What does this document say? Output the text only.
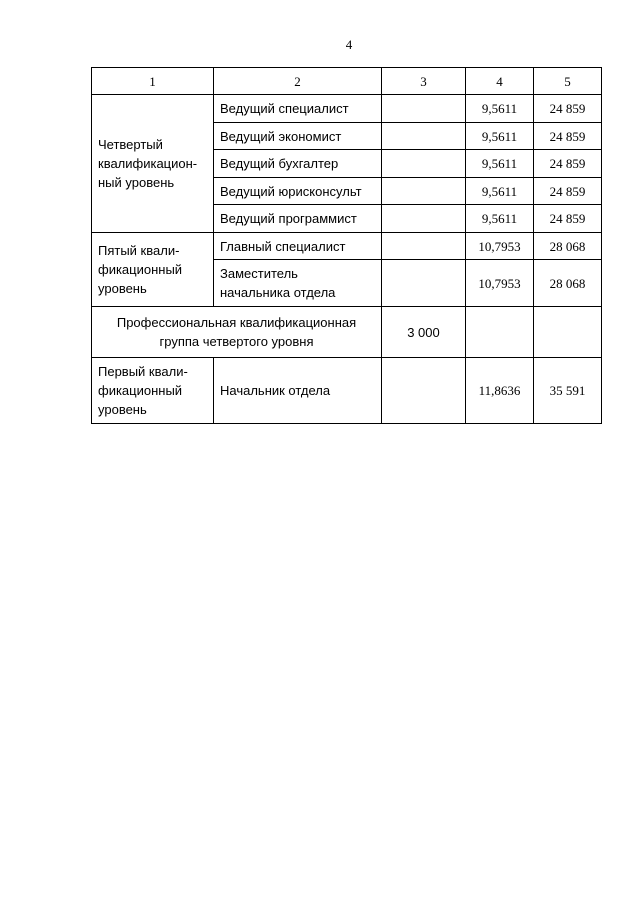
4
1	2	3	4	5
Четвертый
квалификацион-
ный уровень	Ведущий специалист		9,5611	24 859
	Ведущий экономист		9,5611	24 859
	Ведущий бухгалтер		9,5611	24 859
	Ведущий юрисконсульт		9,5611	24 859
	Ведущий программист		9,5611	24 859
Пятый квали-
фикационный
уровень	Главный специалист		10,7953	28 068
	Заместитель
начальника отдела		10,7953	28 068
Профессиональная квалификационная
группа четвертого уровня		3 000		
Первый квали-
фикационный
уровень	Начальник отдела		11,8636	35 591
